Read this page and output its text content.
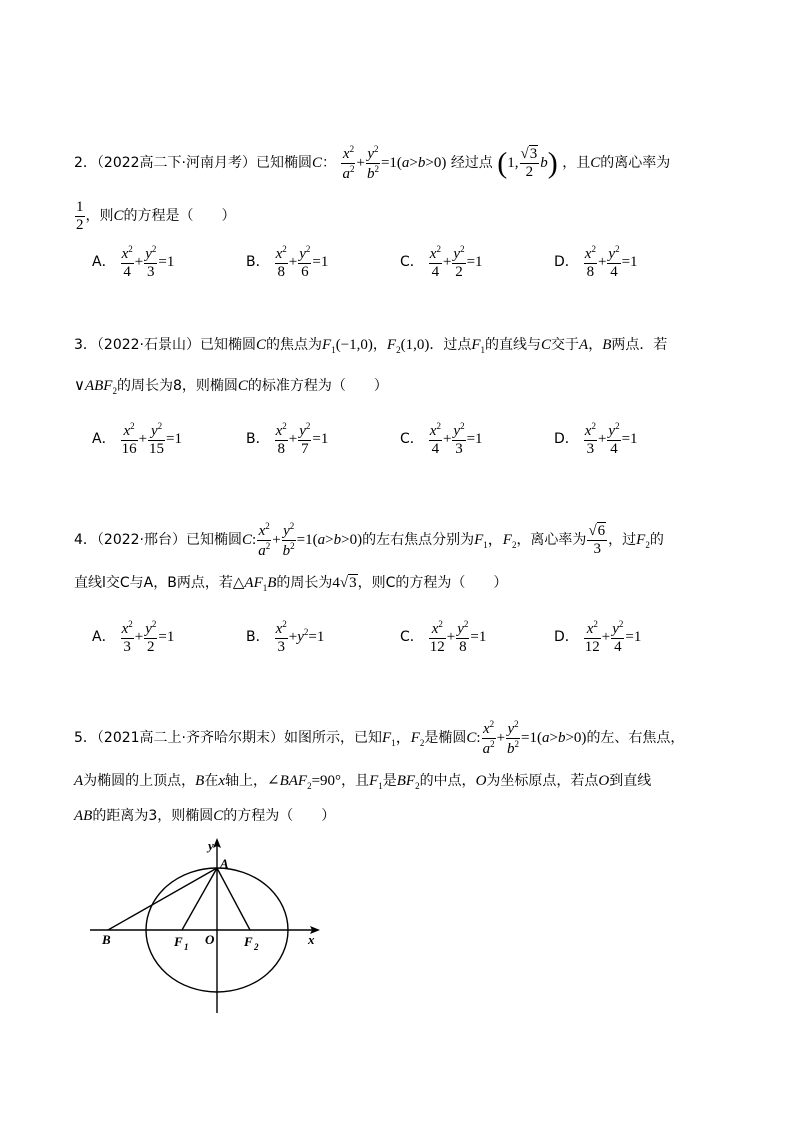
2．（2022高二下·河南月考）已知椭圆C： $\frac{x^2}{a^2} + \frac{y^2}{b^2} =1(a>b>0)$ 经过点 (1, $\frac{√3}{2} b$) ，且C的离心率为
$\frac{1}{2}$ ，则C的方程是（　　）
A． $\frac{x^2}{4} + \frac{y^2}{3} =1$	B． $\frac{x^2}{8} + \frac{y^2}{6} =1$	C． $\frac{x^2}{4} + \frac{y^2}{2} =1$	D． $\frac{x^2}{8} + \frac{y^2}{4} =1$
3．（2022·石景山）已知椭圆C的焦点为$F_1(-1,0)$，$F_2(1,0)$．过点$F_1$的直线与C交于A，B两点．若
$\vee ABF_2$的周长为8，则椭圆C的标准方程为（　　）
A． $\frac{x^2}{16} + \frac{y^2}{15} =1$	B． $\frac{x^2}{8} + \frac{y^2}{7} =1$	C． $\frac{x^2}{4} + \frac{y^2}{3} =1$	D． $\frac{x^2}{3} + \frac{y^2}{4} =1$
4．（2022·邢台）已知椭圆C: $\frac{x^2}{a^2} + \frac{y^2}{b^2} =1(a>b>0)$的左右焦点分别为$F_1$，$F_2$，离心率为 $\frac{√6}{3}$ ，过$F_2$的
直线l交C与A，B两点，若$\triangle AF_1B$的周长为4√3，则C的方程为（　　）
A． $\frac{x^2}{3} + \frac{y^2}{2} =1$	B． $\frac{x^2}{3} +y^2=1$	C． $\frac{x^2}{12} + \frac{y^2}{8} =1$	D． $\frac{x^2}{12} + \frac{y^2}{4} =1$
5．（2021高二上·齐齐哈尔期末）如图所示，已知$F_1$，$F_2$是椭圆C: $\frac{x^2}{a^2} + \frac{y^2}{b^2} =1(a>b>0)$的左、右焦点，
A为椭圆的上顶点，B在x轴上，$\angle BAF_2=90^\circ$，且$F_1$是$BF_2$的中点，O为坐标原点，若点O到直线
AB的距离为3，则椭圆C的方程为（　　）
y
A
B	O
F 1	F 2	x
